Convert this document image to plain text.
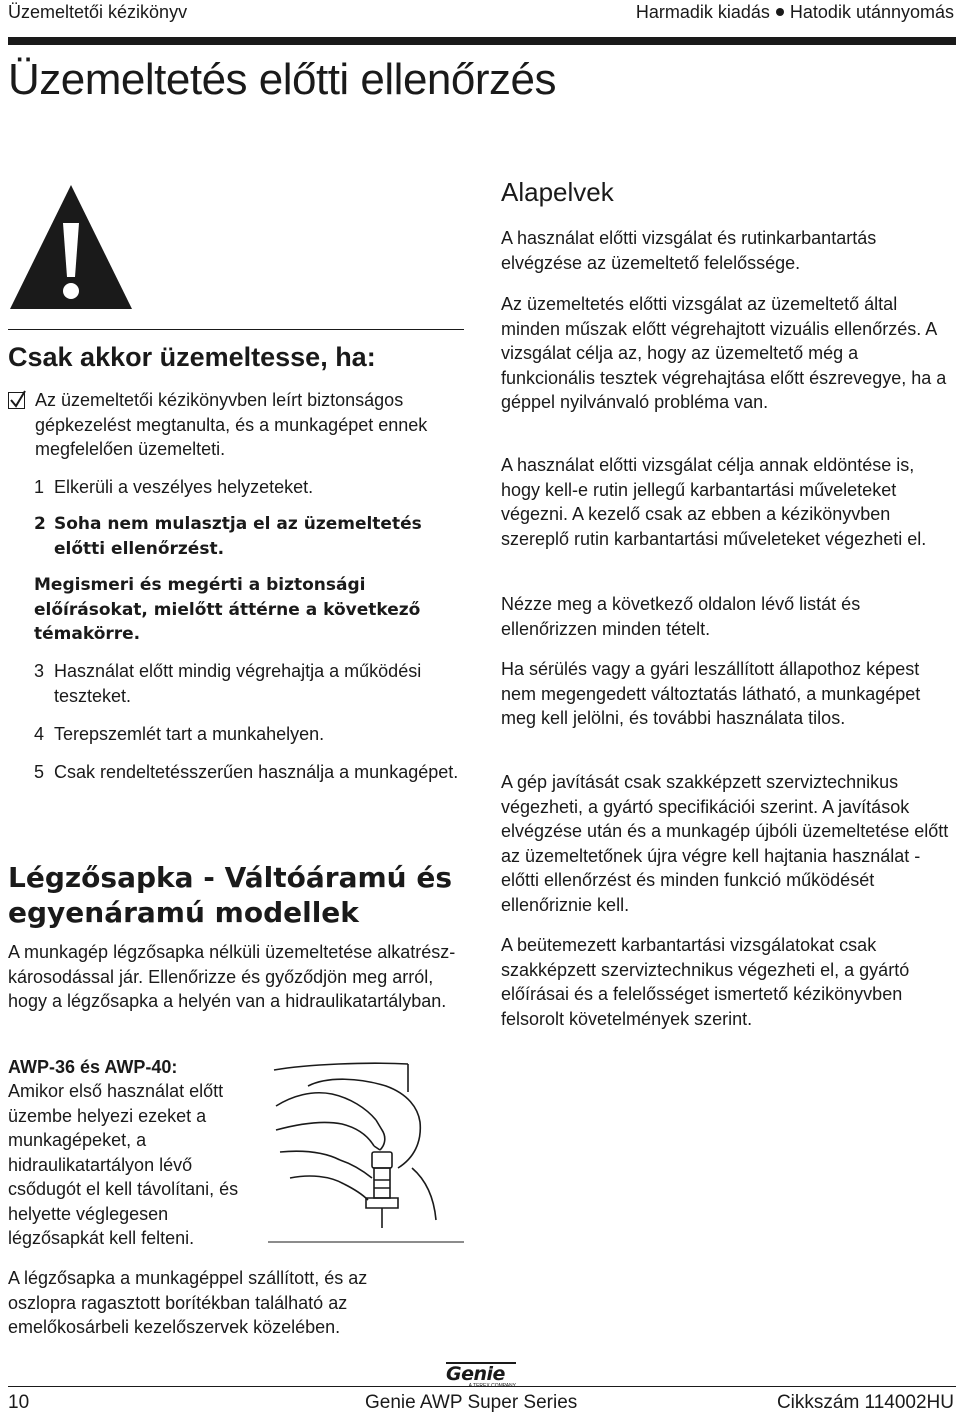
Üzemeltetői kézikönyv	Harmadik kiadás Hatodik utánnyomás
Üzemeltetés előtti ellenőrzés
Csak akkor üzemeltesse, ha:

Az üzemeltetői kézikönyvben leírt biztonságos gépkezelést megtanulta, és a munkagépet ennek megfelelően üzemelteti.

1 Elkerüli a veszélyes helyzeteket.

2 Soha nem mulasztja el az üzemeltetés előtti ellenőrzést.

Megismeri és megérti a biztonsági előírásokat, mielőtt áttérne a következő témakörre.

3 Használat előtt mindig végrehajtja a működési teszteket.

4 Terepszemlét tart a munkahelyen.

5 Csak rendeltetésszerűen használja a munkagépet.

Légzősapka - Váltóáramú és egyenáramú modellek

A munkagép légzősapka nélküli üzemeltetése alkatrész-károsodással jár. Ellenőrizze és győződjön meg arról, hogy a légzősapka a helyén van a hidraulikatartályban.

AWP-36 és AWP-40:

Amikor első használat előtt üzembe helyezi ezeket a munkagépeket, a hidraulikatartályon lévő csődugót el kell távolítani, és helyette véglegesen légzősapkát kell felteni.

A légzősapka a munkagéppel szállított, és az oszlopra ragasztott borítékban található az emelőkosárbeli kezelőszervek közelében.

Alapelvek

A használat előtti vizsgálat és rutinkarbantartás elvégzése az üzemeltető felelőssége.

Az üzemeltetés előtti vizsgálat az üzemeltető által minden műszak előtt végrehajtott vizuális ellenőrzés. A vizsgálat célja az, hogy az üzemeltető még a funkcionális tesztek végrehajtása előtt észrevegye, ha a géppel nyilvánvaló probléma van.

A használat előtti vizsgálat célja annak eldöntése is, hogy kell-e rutin jellegű karbantartási műveleteket végezni. A kezelő csak az ebben a kézikönyvben szereplő rutin karbantartási műveleteket végezheti el.

Nézze meg a következő oldalon lévő listát és ellenőrizzen minden tételt.

Ha sérülés vagy a gyári leszállított állapothoz képest nem megengedett változtatás látható, a munkagépet meg kell jelölni, és további használata tilos.

A gép javítását csak szakképzett szerviztechnikus végezheti, a gyártó specifikációi szerint. A javítások elvégzése után és a munkagép újbóli üzemeltetése előtt az üzemeltetőnek újra végre kell hajtania használat -előtti ellenőrzést és minden funkció működését ellenőriznie kell.

A beütemezett karbantartási vizsgálatokat csak szakképzett szerviztechnikus végezheti el, a gyártó előírásai és a felelősséget ismertető kézikönyvben felsorolt követelmények szerint.

Genie
10	Genie AWP Super Series	Cikkszám 114002HU
